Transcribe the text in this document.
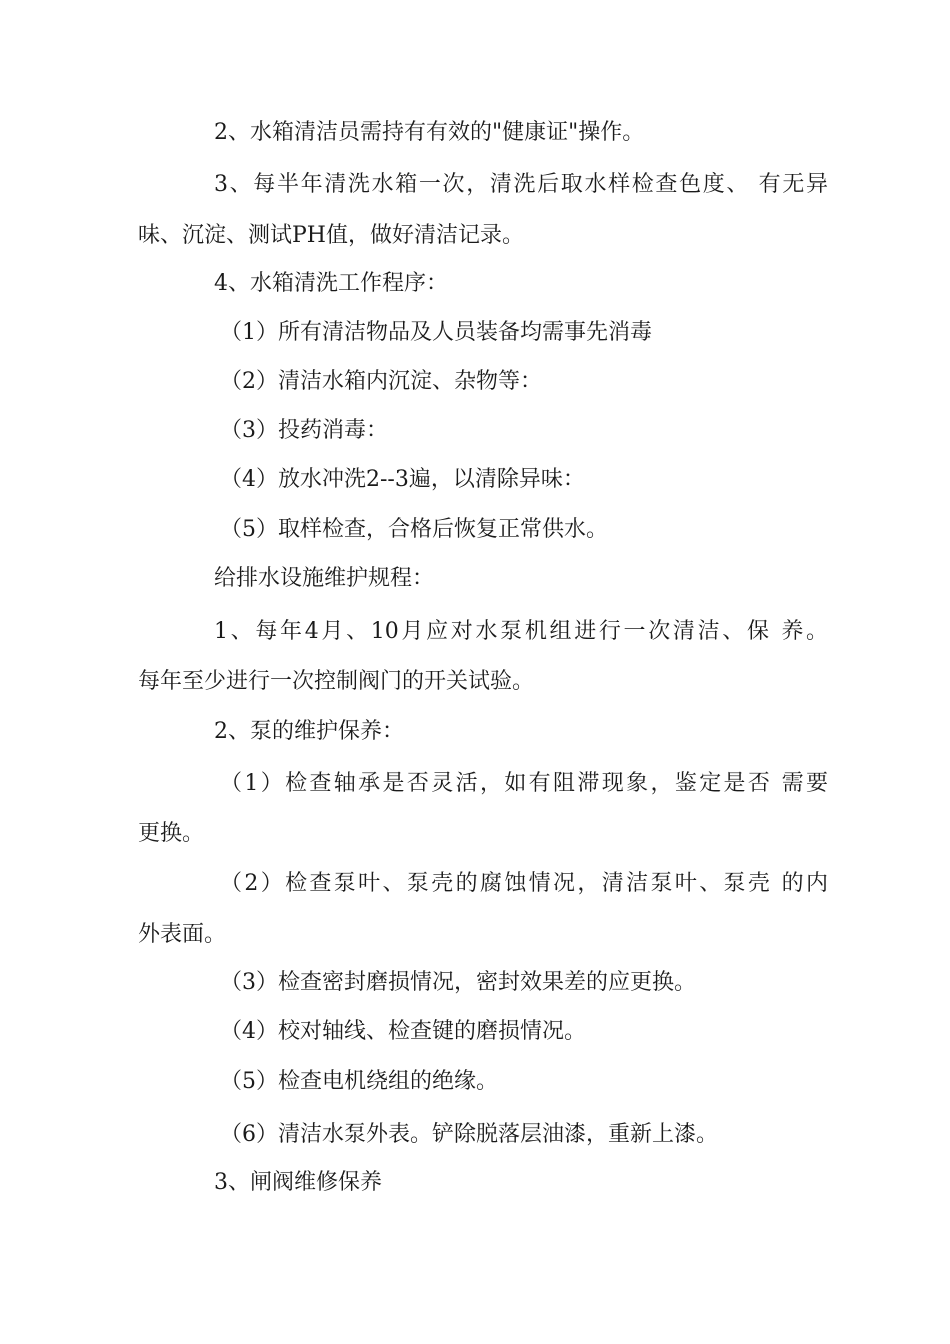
2、水箱清洁员需持有有效的"健康证"操作。
3、每半年清洗水箱一次，清洗后取水样检查色度、 有无异
味、沉淀、测试PH值，做好清洁记录。
4、水箱清洗工作程序：
（1）所有清洁物品及人员装备均需事先消毒
（2）清洁水箱内沉淀、杂物等：
（3）投药消毒：
（4）放水冲洗2--3遍，以清除异味：
（5）取样检查，合格后恢复正常供水。
给排水设施维护规程：
1、每年4月、10月应对水泵机组进行一次清洁、保 养。
每年至少进行一次控制阀门的开关试验。
2、泵的维护保养：
（1）检查轴承是否灵活，如有阻滞现象，鉴定是否 需要
更换。
（2）检查泵叶、泵壳的腐蚀情况，清洁泵叶、泵壳 的内
外表面。
（3）检查密封磨损情况，密封效果差的应更换。
（4）校对轴线、检查键的磨损情况。
（5）检查电机绕组的绝缘。
（6）清洁水泵外表。铲除脱落层油漆，重新上漆。
3、闸阀维修保养
